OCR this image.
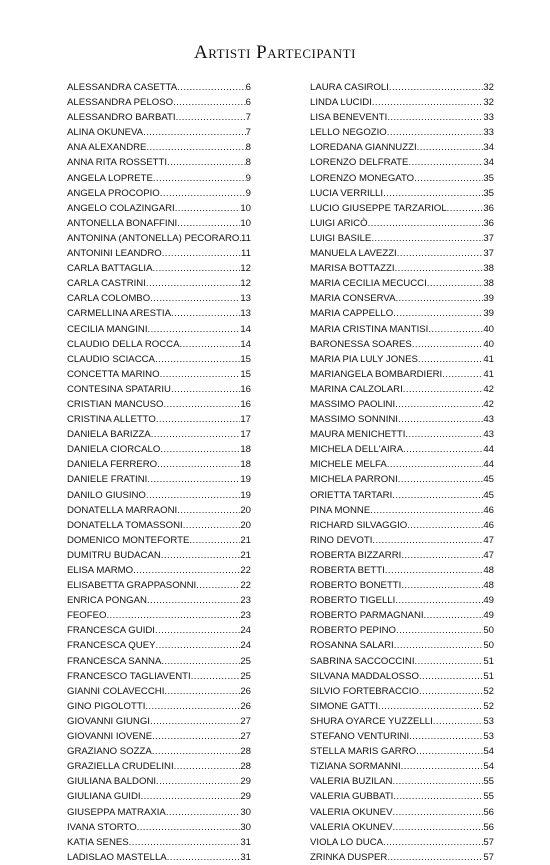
Artisti Partecipanti
ALESSANDRA CASETTA .....	6
ALESSANDRA PELOSO .....	6
ALESSANDRO BARBATI .....	7
ALINA OKUNEVA .....	7
ANA ALEXANDRE .....	8
ANNA RITA ROSSETTI .....	8
ANGELA LOPRETE .....	9
ANGELA PROCOPIO .....	9
ANGELO COLAZINGARI .....	10
ANTONELLA BONAFFINI .....	10
ANTONINA (ANTONELLA) PECORARO ..... 11
ANTONINI LEANDRO .....	11
CARLA BATTAGLIA .....	12
CARLA CASTRINI .....	12
CARLA COLOMBO .....	13
CARMELLINA ARESTIA .....	13
CECILIA MANGINI .....	14
CLAUDIO DELLA ROCCA .....	14
CLAUDIO SCIACCA .....	15
CONCETTA MARINO .....	15
CONTESINA SPATARIU .....	16
CRISTIAN MANCUSO .....	16
CRISTINA ALLETTO .....	17
DANIELA BARIZZA .....	17
DANIELA CIORCALO .....	18
DANIELA FERRERO .....	18
DANIELE FRATINI .....	19
DANILO GIUSINO .....	19
DONATELLA MARRAONI .....	20
DONATELLA TOMASSONI .....	20
DOMENICO MONTEFORTE .....	21
DUMITRU BUDACAN .....	21
ELISA MARMO .....	22
ELISABETTA GRAPPASONNI .....	22
ENRICA PONGAN .....	23
FEOFEO .....	23
FRANCESCA GUIDI .....	24
FRANCESCA QUEY .....	24
FRANCESCA SANNA .....	25
FRANCESCO TAGLIAVENTI .....	25
GIANNI COLAVECCHI .....	26
GINO PIGOLOTTI .....	26
GIOVANNI GIUNGI .....	27
GIOVANNI IOVENE .....	27
GRAZIANO SOZZA .....	28
GRAZIELLA CRUDELINI .....	28
GIULIANA BALDONI .....	29
GIULIANA GUIDI .....	29
GIUSEPPA MATRAXIA .....	30
IVANA STORTO .....	30
KATIA SENES .....	31
LADISLAO MASTELLA .....	31
LAURA CASIROLI .....	32
LINDA LUCIDI .....	32
LISA BENEVENTI .....	33
LELLO NEGOZIO .....	33
LOREDANA GIANNUZZI .....	34
LORENZO DELFRATE .....	34
LORENZO MONEGATO .....	35
LUCIA VERRILLI .....	35
LUCIO GIUSEPPE TARZARIOL .....	36
LUIGI ARICÒ .....	36
LUIGI BASILE .....	37
MANUELA LAVEZZI .....	37
MARISA BOTTAZZI .....	38
MARIA CECILIA MECUCCI .....	38
MARIA CONSERVA .....	39
MARIA CAPPELLO .....	39
MARIA CRISTINA MANTISI .....	40
BARONESSA SOARES .....	40
MARIA PIA LULY JONES .....	41
MARIANGELA BOMBARDIERI .....	41
MARINA CALZOLARI .....	42
MASSIMO PAOLINI .....	42
MASSIMO SONNINI .....	43
MAURA MENICHETTI .....	43
MICHELA DELL'AIRA .....	44
MICHELE MELFA .....	44
MICHELA PARRONI .....	45
ORIETTA TARTARI .....	45
PINA MONNE .....	46
RICHARD SILVAGGIO .....	46
RINO DEVOTI .....	47
ROBERTA BIZZARRI .....	47
ROBERTA BETTI .....	48
ROBERTO BONETTI .....	48
ROBERTO TIGELLI .....	49
ROBERTO PARMAGNANI .....	49
ROBERTO PEPINO .....	50
ROSANNA SALARI .....	50
SABRINA SACCOCCINI .....	51
SILVANA MADDALOSSO .....	51
SILVIO FORTEBRACCIO .....	52
SIMONE GATTI .....	52
SHURA OYARCE YUZZELLI .....	53
STEFANO VENTURINI .....	53
STELLA MARIS GARRO .....	54
TIZIANA SORMANNI .....	54
VALERIA BUZILAN .....	55
VALERIA GUBBATI .....	55
VALERIA OKUNEV .....	56
VALERIA OKUNEV .....	56
VIOLA LO DUCA .....	57
ZRINKA DUSPER .....	57
